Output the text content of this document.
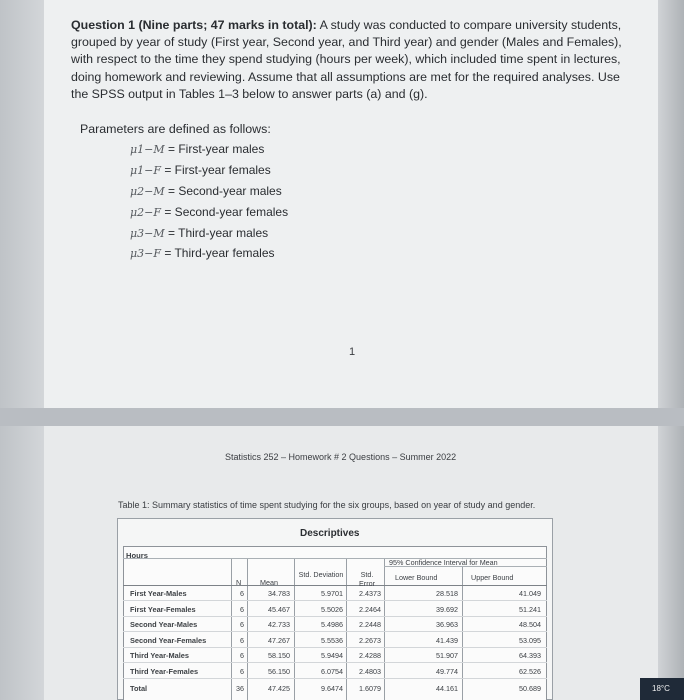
Question 1 (Nine parts; 47 marks in total): A study was conducted to compare university students, grouped by year of study (First year, Second year, and Third year) and gender (Males and Females), with respect to the time they spend studying (hours per week), which included time spent in lectures, doing homework and reviewing. Assume that all assumptions are met for the required analyses. Use the SPSS output in Tables 1–3 below to answer parts (a) and (g).
Parameters are defined as follows:
μ1−M = First-year males
μ1−F = First-year females
μ2−M = Second-year males
μ2−F = Second-year females
μ3−M = Third-year males
μ3−F = Third-year females
1
Statistics 252 – Homework # 2 Questions – Summer 2022
Table 1: Summary statistics of time spent studying for the six groups, based on year of study and gender.
Descriptives
Hours
N	Mean
Std. Deviation	Std. Error
95% Confidence Interval for Mean
Lower Bound	Upper Bound
First Year-Males	6	34.783	5.9701 2.4373	28.518	41.049
First Year-Females	6	45.467	5.5026 2.2464	39.692	51.241
Second Year-Males	6	42.733	5.4986 2.2448	36.963	48.504
Second Year-Females	6	47.267	5.5536 2.2673	41.439	53.095
Third Year-Males	6	58.150	5.9494 2.4288	51.907	64.393
Third Year-Females	6	56.150	6.0754 2.4803	49.774	62.526
Total	36	47.425	9.6474 1.6079	44.161	50.689	18°C
